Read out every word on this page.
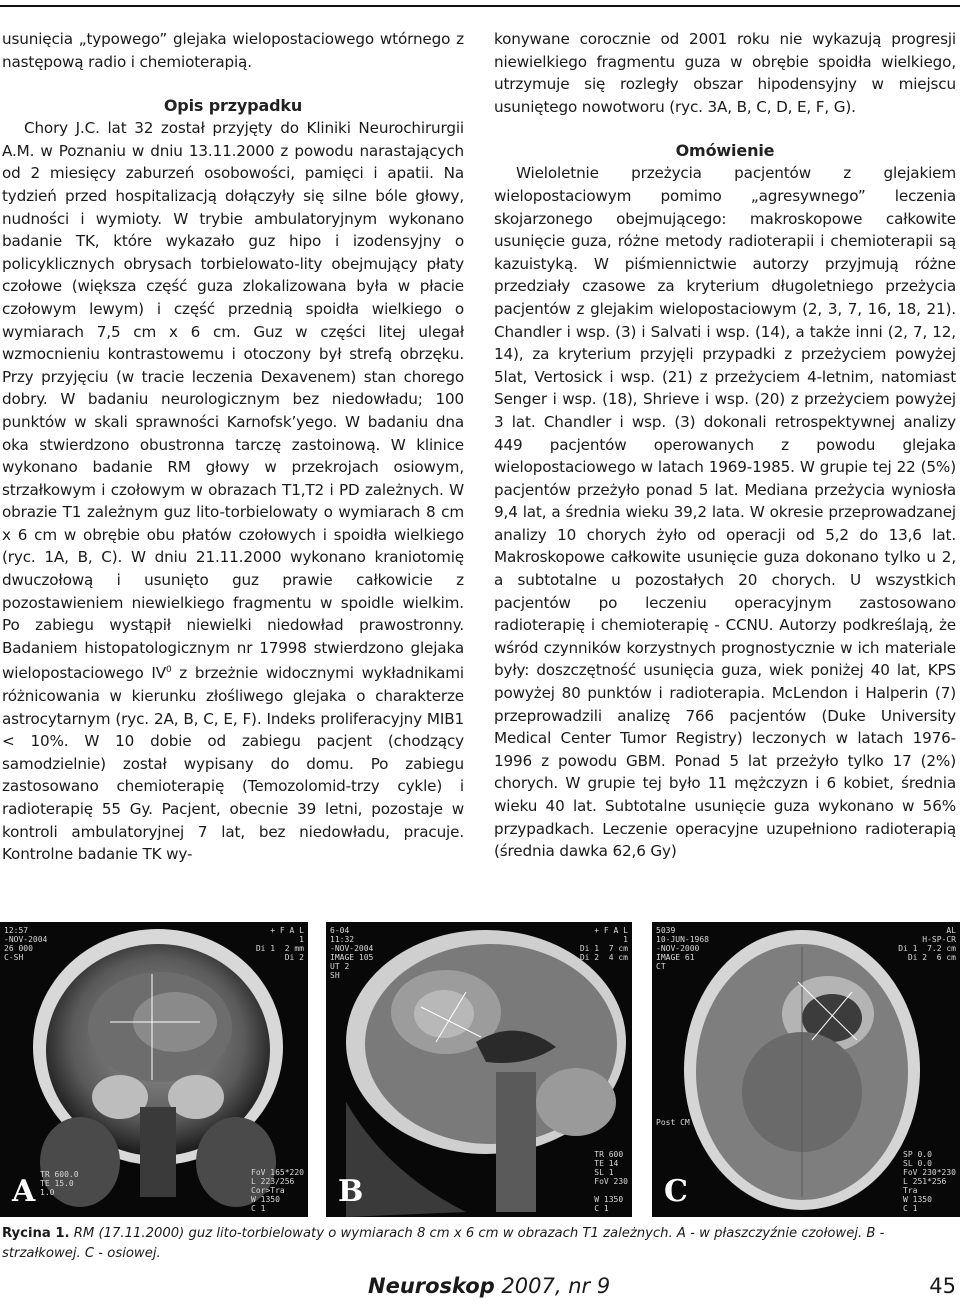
usunięcia „typowego” glejaka wielopostaciowego wtórnego z następową radio i chemioterapią.

Opis przypadku

Chory J.C. lat 32 został przyjęty do Kliniki Neurochirurgii A.M. w Poznaniu w dniu 13.11.2000 z powodu narastających od 2 miesięcy zaburzeń osobowości, pamięci i apatii. Na tydzień przed hospitalizacją dołączyły się silne bóle głowy, nudności i wymioty. W trybie ambulatoryjnym wykonano badanie TK, które wykazało guz hipo i izodensyjny o policyklicznych obrysach torbielowato-lity obejmujący płaty czołowe (większa część guza zlokalizowana była w płacie czołowym lewym) i część przednią spoidła wielkiego o wymiarach 7,5 cm x 6 cm. Guz w części litej ulegał wzmocnieniu kontrastowemu i otoczony był strefą obrzęku. Przy przyjęciu (w tracie leczenia Dexavenem) stan chorego dobry. W badaniu neurologicznym bez niedowładu; 100 punktów w skali sprawności Karnofsk’yego. W badaniu dna oka stwierdzono obustronna tarczę zastoinową. W klinice wykonano badanie RM głowy w przekrojach osiowym, strzałkowym i czołowym w obrazach T1,T2 i PD zależnych. W obrazie T1 zależnym guz lito-torbielowaty o wymiarach 8 cm x 6 cm w obrębie obu płatów czołowych i spoidła wielkiego (ryc. 1A, B, C). W dniu 21.11.2000 wykonano kraniotomię dwuczołową i usunięto guz prawie całkowicie z pozostawieniem niewielkiego fragmentu w spoidle wielkim. Po zabiegu wystąpił niewielki niedowład prawostronny. Badaniem histopatologicznym nr 17998 stwierdzono glejaka wielopostaciowego $IV^0$ z brzeżnie widocznymi wykładnikami różnicowania w kierunku złośliwego glejaka o charakterze astrocytarnym (ryc. 2A, B, C, E, F). Indeks proliferacyjny MIB1 < 10%. W 10 dobie od zabiegu pacjent (chodzący samodzielnie) został wypisany do domu. Po zabiegu zastosowano chemioterapię (Temozolomid-trzy cykle) i radioterapię 55 Gy. Pacjent, obecnie 39 letni, pozostaje w kontroli ambulatoryjnej 7 lat, bez niedowładu, pracuje. Kontrolne badanie TK wy-

konywane corocznie od 2001 roku nie wykazują progresji niewielkiego fragmentu guza w obrębie spoidła wielkiego, utrzymuje się rozległy obszar hipodensyjny w miejscu usuniętego nowotworu (ryc. 3A, B, C, D, E, F, G).

Omówienie

Wieloletnie przeżycia pacjentów z glejakiem wielopostaciowym pomimo „agresywnego” leczenia skojarzonego obejmującego: makroskopowe całkowite usunięcie guza, różne metody radioterapii i chemioterapii są kazuistyką. W piśmiennictwie autorzy przyjmują różne przedziały czasowe za kryterium długoletniego przeżycia pacjentów z glejakim wielopostaciowym (2, 3, 7, 16, 18, 21). Chandler i wsp. (3) i Salvati i wsp. (14), a także inni (2, 7, 12, 14), za kryterium przyjęli przypadki z przeżyciem powyżej 5lat, Vertosick i wsp. (21) z przeżyciem 4-letnim, natomiast Senger i wsp. (18), Shrieve i wsp. (20) z przeżyciem powyżej 3 lat. Chandler i wsp. (3) dokonali retrospektywnej analizy 449 pacjentów operowanych z powodu glejaka wielopostaciowego w latach 1969-1985. W grupie tej 22 (5%) pacjentów przeżyło ponad 5 lat. Mediana przeżycia wyniosła 9,4 lat, a średnia wieku 39,2 lata. W okresie przeprowadzanej analizy 10 chorych żyło od operacji od 5,2 do 13,6 lat. Makroskopowe całkowite usunięcie guza dokonano tylko u 2, a subtotalne u pozostałych 20 chorych. U wszystkich pacjentów po leczeniu operacyjnym zastosowano radioterapię i chemioterapię - CCNU. Autorzy podkreślają, że wśród czynników korzystnych prognostycznie w ich materiale były: doszczętność usunięcia guza, wiek poniżej 40 lat, KPS powyżej 80 punktów i radioterapia. McLendon i Halperin (7) przeprowadzili analizę 766 pacjentów (Duke University Medical Center Tumor Registry) leczonych w latach 1976-1996 z powodu GBM. Ponad 5 lat przeżyło tylko 17 (2%) chorych. W grupie tej było 11 mężczyzn i 6 kobiet, średnia wieku 40 lat. Subtotalne usunięcie guza wykonano w 56% przypadkach. Leczenie operacyjne uzupełniono radioterapią (średnia dawka 62,6 Gy)

12:57
-NOV-2004
26 000
C-SH
+ F A L
1
Di 1  2 mm
Di 2
TR 600.0
TE 15.0
1.0
FoV 165*220
L 223/256
Cor>Tra
W 1350
C 1
A
6-04
11:32
-NOV-2004
IMAGE 105
UT 2
SH
+ F A L
1
Di 1  7 cm
Di 2  4 cm
TR 600
TE 14
SL 1
FoV 230

W 1350
C 1
B
5039
10-JUN-1968
-NOV-2000
IMAGE 61
CT
AL
H-SP-CR
Di 1  7.2 cm
Di 2  6 cm
Post CM
SP 0.0
SL 0.0
FoV 230*230
L 251*256
Tra
W 1350
C 1
C
Rycina 1. RM (17.11.2000) guz lito-torbielowaty o wymiarach 8 cm x 6 cm w obrazach T1 zależnych. A - w płaszczyźnie czołowej. B - strzałkowej. C - osiowej.
Neuroskop 2007, nr 9	45
